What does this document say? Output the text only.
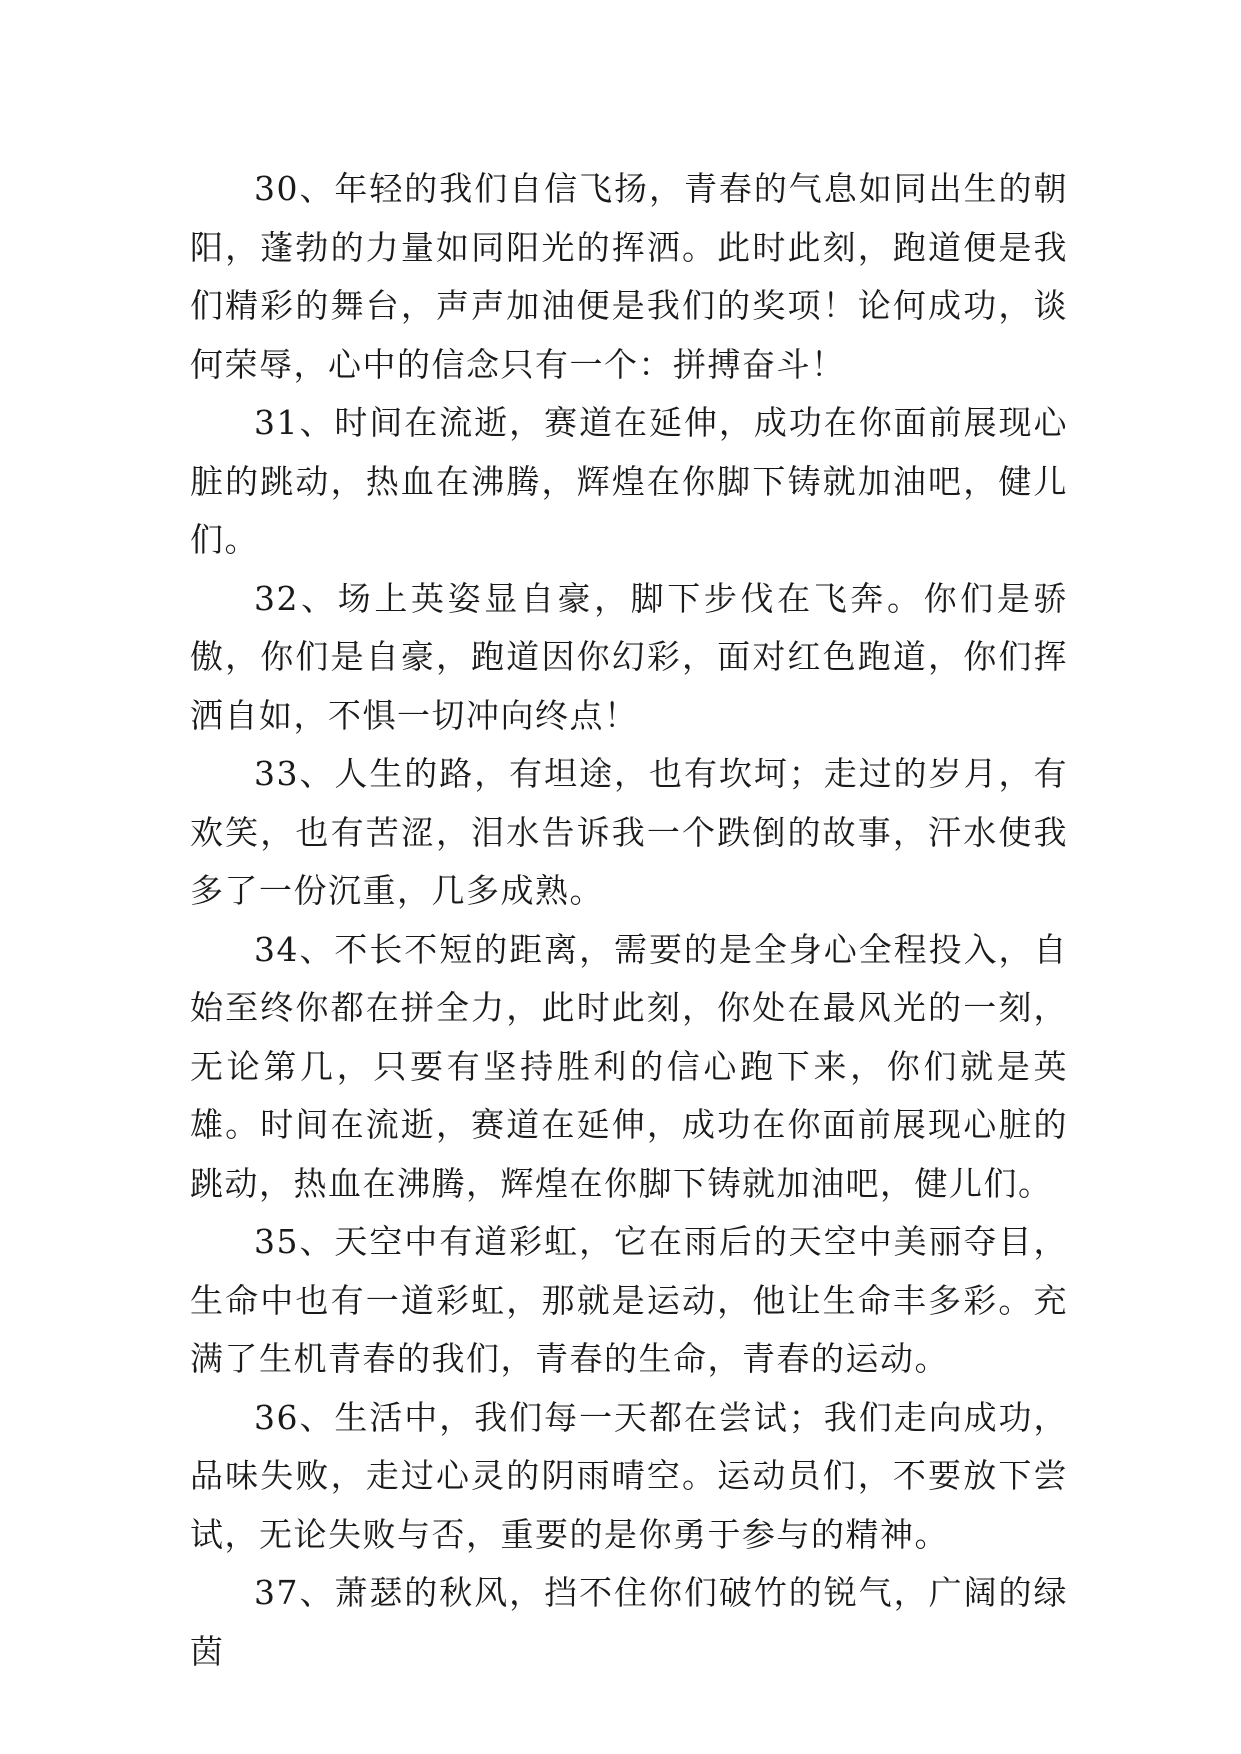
30、年轻的我们自信飞扬，青春的气息如同出生的朝阳，蓬勃的力量如同阳光的挥洒。此时此刻，跑道便是我们精彩的舞台，声声加油便是我们的奖项！论何成功，谈何荣辱，心中的信念只有一个：拼搏奋斗！

31、时间在流逝，赛道在延伸，成功在你面前展现心脏的跳动，热血在沸腾，辉煌在你脚下铸就加油吧，健儿们。

32、场上英姿显自豪，脚下步伐在飞奔。你们是骄傲，你们是自豪，跑道因你幻彩，面对红色跑道，你们挥洒自如，不惧一切冲向终点！

33、人生的路，有坦途，也有坎坷；走过的岁月，有欢笑，也有苦涩，泪水告诉我一个跌倒的故事，汗水使我多了一份沉重，几多成熟。

34、不长不短的距离，需要的是全身心全程投入，自始至终你都在拼全力，此时此刻，你处在最风光的一刻，无论第几，只要有坚持胜利的信心跑下来，你们就是英雄。时间在流逝，赛道在延伸，成功在你面前展现心脏的跳动，热血在沸腾，辉煌在你脚下铸就加油吧，健儿们。

35、天空中有道彩虹，它在雨后的天空中美丽夺目，生命中也有一道彩虹，那就是运动，他让生命丰多彩。充满了生机青春的我们，青春的生命，青春的运动。

36、生活中，我们每一天都在尝试；我们走向成功，品味失败，走过心灵的阴雨晴空。运动员们，不要放下尝试，无论失败与否，重要的是你勇于参与的精神。

37、萧瑟的秋风，挡不住你们破竹的锐气，广阔的绿茵
